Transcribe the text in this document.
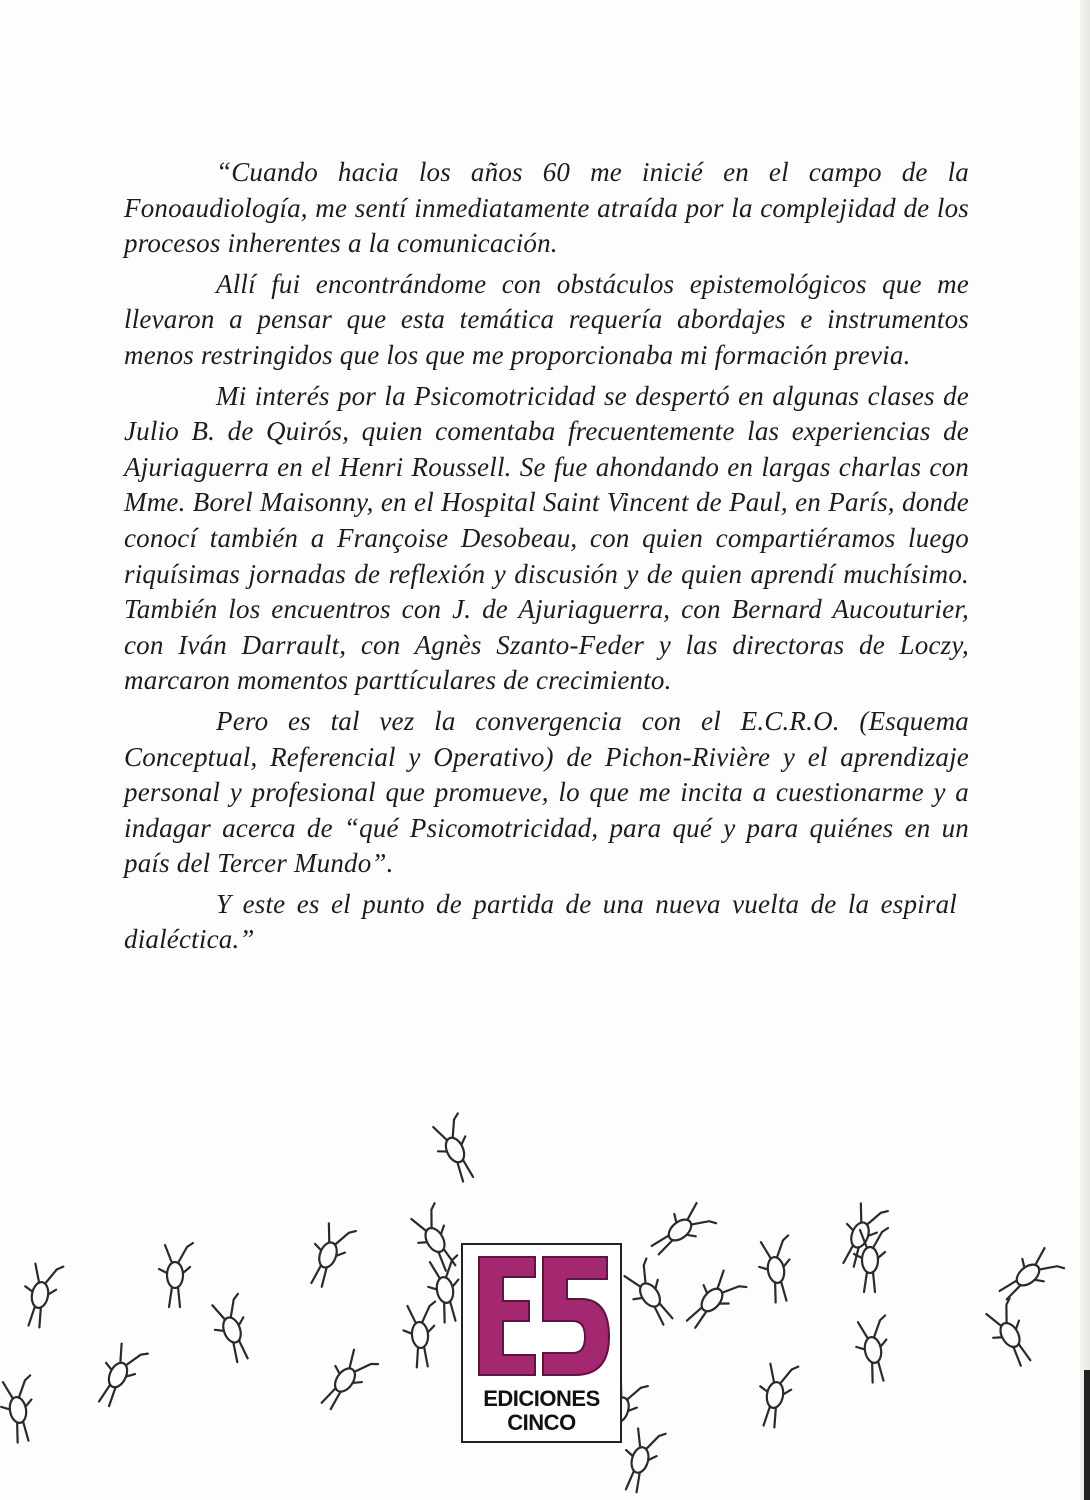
“Cuando hacia los años 60 me inicié en el campo de la Fonoaudiología, me sentí inmediatamente atraída por la complejidad de los procesos inherentes a la comunicación.

Allí fui encontrándome con obstáculos epistemológicos que me llevaron a pensar que esta temática requería abordajes e instrumentos menos restringidos que los que me proporcionaba mi formación previa.

Mi interés por la Psicomotricidad se despertó en algunas clases de Julio B. de Quirós, quien comentaba frecuentemente las experiencias de Ajuriaguerra en el Henri Roussell. Se fue ahondando en largas charlas con Mme. Borel Maisonny, en el Hospital Saint Vincent de Paul, en París, donde conocí también a Françoise Desobeau, con quien compartiéramos luego riquísimas jornadas de reflexión y discusión y de quien aprendí muchísimo. También los encuentros con J. de Ajuriaguerra, con Bernard Aucouturier, con Iván Darrault, con Agnès Szanto-Feder y las directoras de Loczy, marcaron momentos parttículares de crecimiento.

Pero es tal vez la convergencia con el E.C.R.O. (Esquema Conceptual, Referencial y Operativo) de Pichon-Rivière y el aprendizaje personal y profesional que promueve, lo que me incita a cuestionarme y a indagar acerca de “qué Psicomotricidad, para qué y para quiénes en un país del Tercer Mundo”.

Y este es el punto de partida de una nueva vuelta de la espiral dialéctica.”

EDICIONES
CINCO
